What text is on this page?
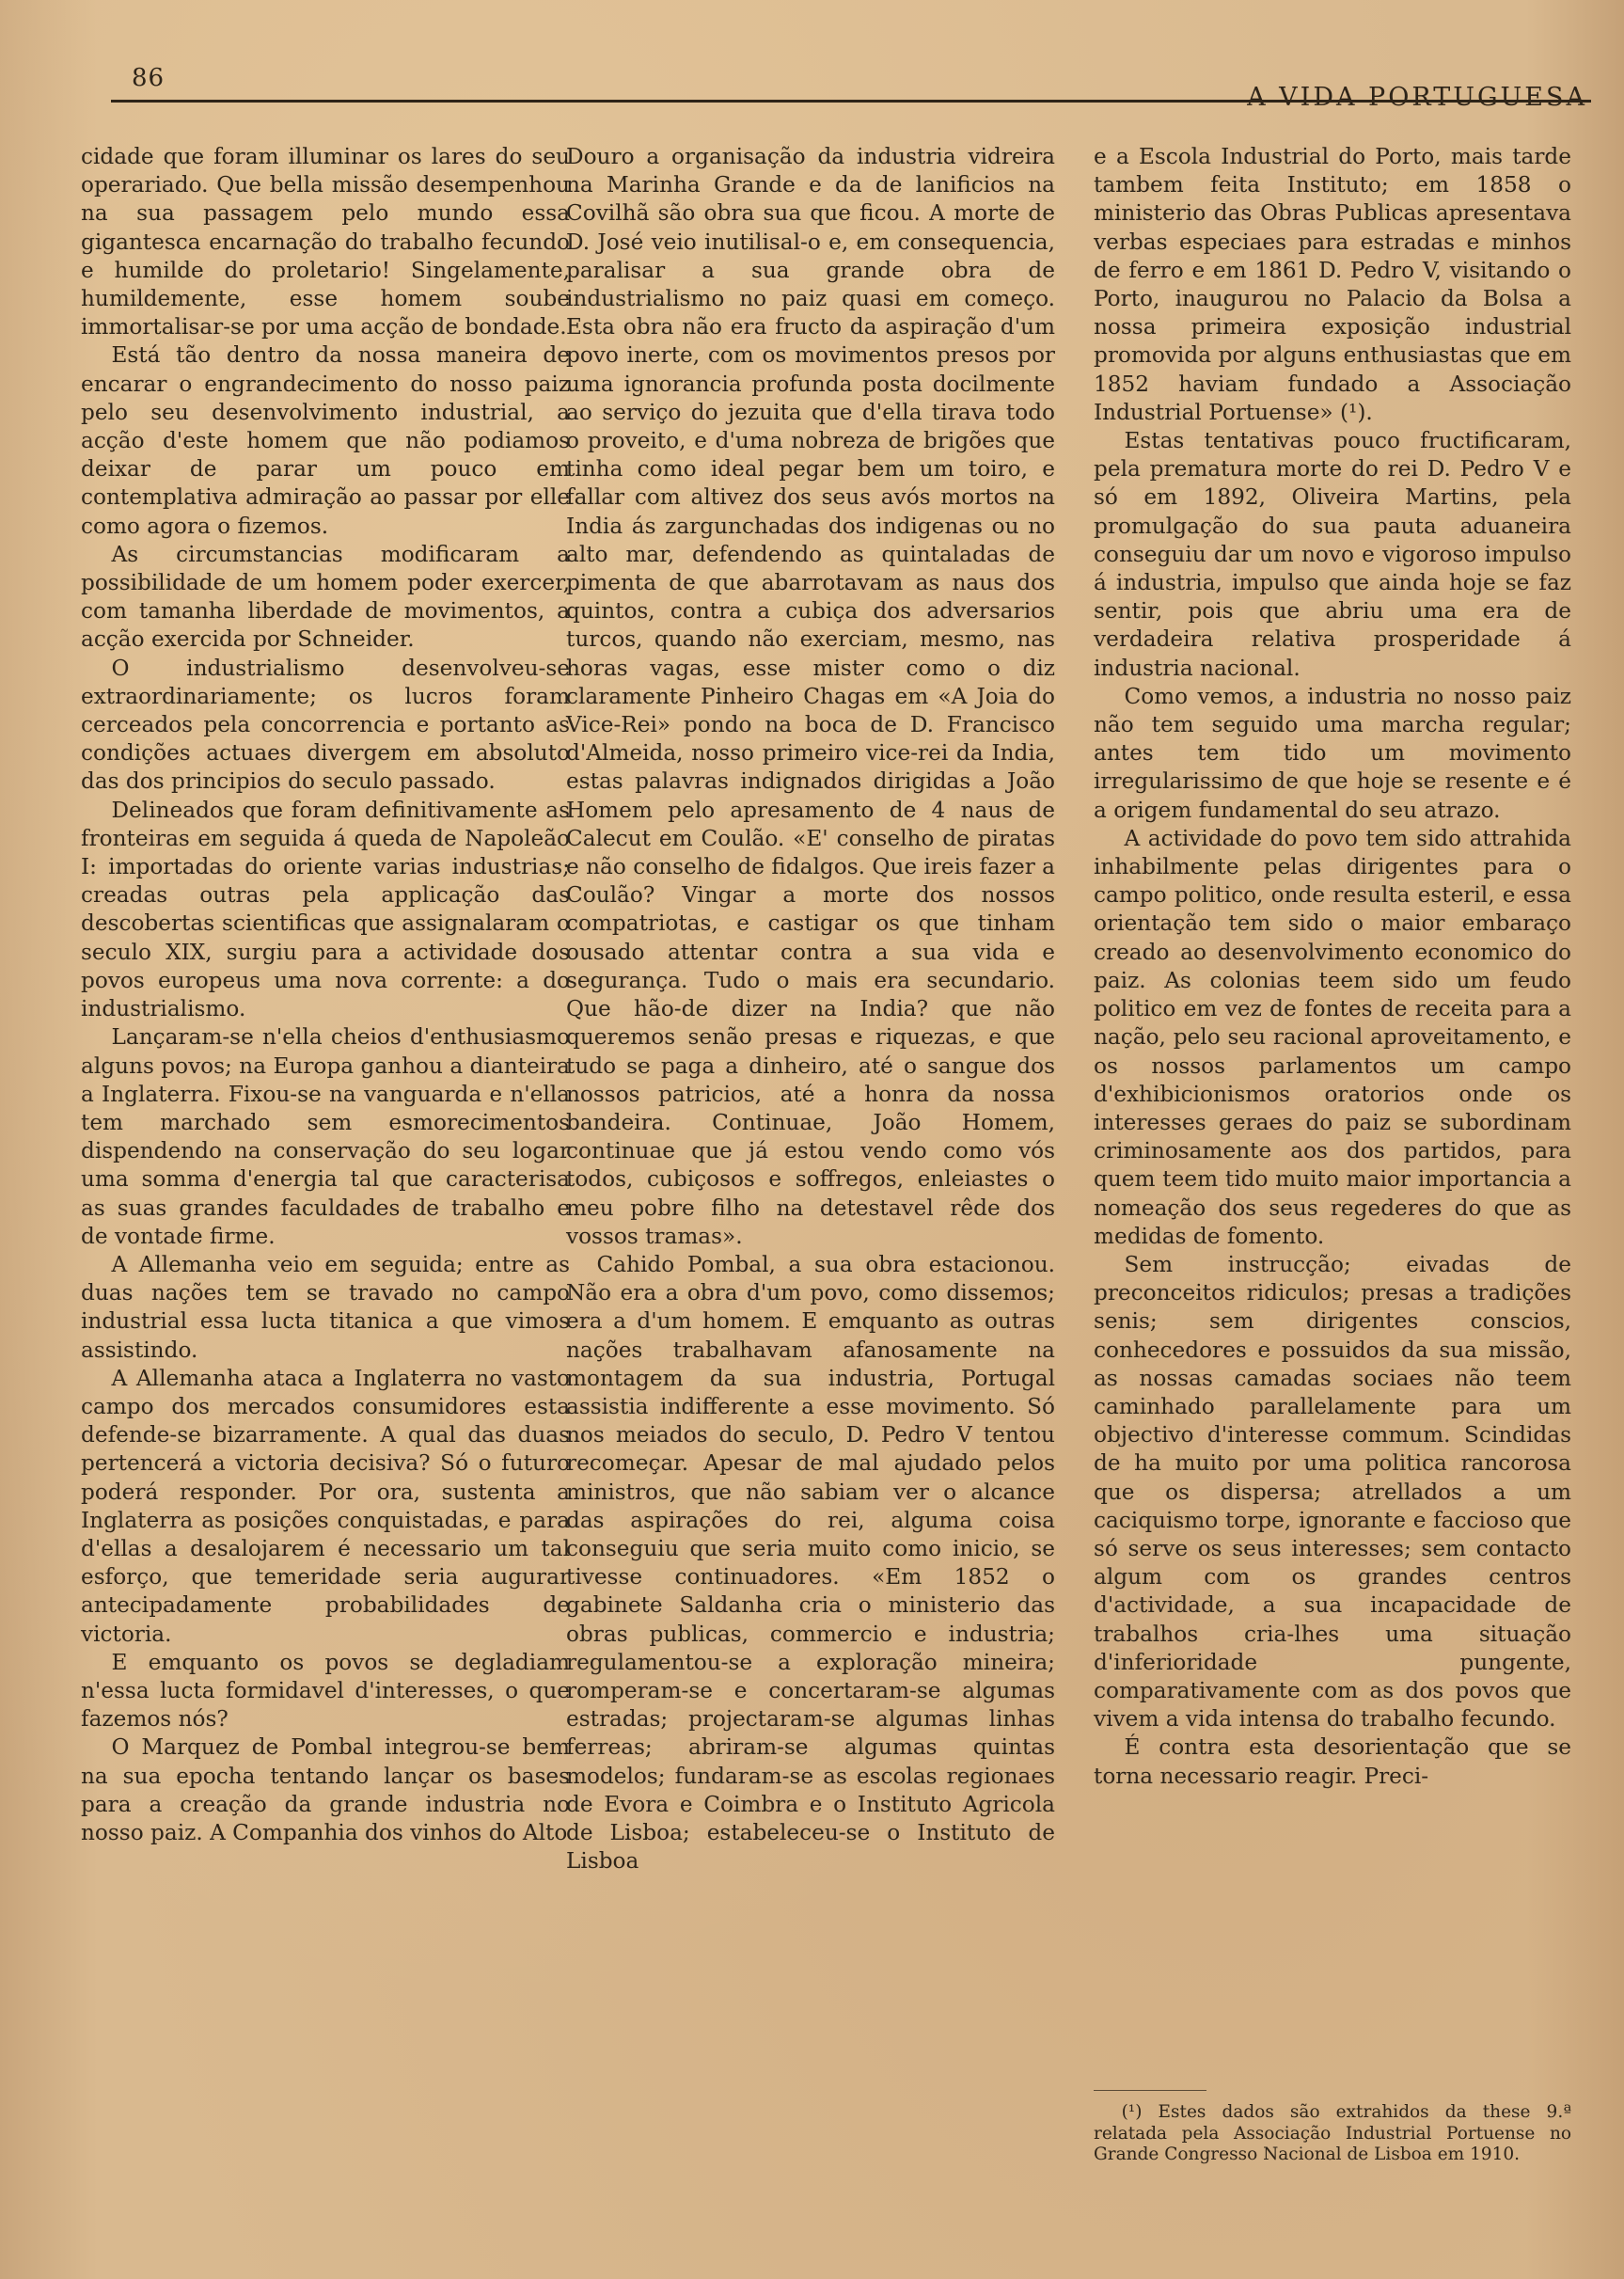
86
A VIDA PORTUGUESA

cidade que foram illuminar os lares do seu operariado. Que bella missão desempenhou na sua passagem pelo mundo essa gigantesca encarnação do trabalho fecundo e humilde do proletario! Singelamente, humildemente, esse homem soube immortalisar-se por uma acção de bondade.

Está tão dentro da nossa maneira de encarar o engrandecimento do nosso paiz pelo seu desenvolvimento industrial, a acção d'este homem que não podiamos deixar de parar um pouco em contemplativa admiração ao passar por elle como agora o fizemos.

As circumstancias modificaram a possibilidade de um homem poder exercer, com tamanha liberdade de movimentos, a acção exercida por Schneider.

O industrialismo desenvolveu-se extraordinariamente; os lucros foram cerceados pela concorrencia e portanto as condições actuaes divergem em absoluto das dos principios do seculo passado.

Delineados que foram definitivamente as fronteiras em seguida á queda de Napoleão I: importadas do oriente varias industrias; creadas outras pela applicação das descobertas scientificas que assignalaram o seculo XIX, surgiu para a actividade dos povos europeus uma nova corrente: a do industrialismo.

Lançaram-se n'ella cheios d'enthusiasmo alguns povos; na Europa ganhou a dianteira a Inglaterra. Fixou-se na vanguarda e n'ella tem marchado sem esmorecimentos dispendendo na conservação do seu logar uma somma d'energia tal que caracterisa as suas grandes faculdades de trabalho e de vontade firme.

A Allemanha veio em seguida; entre as duas nações tem se travado no campo industrial essa lucta titanica a que vimos assistindo.

A Allemanha ataca a Inglaterra no vasto campo dos mercados consumidores esta defende-se bizarramente. A qual das duas pertencerá a victoria decisiva? Só o futuro poderá responder. Por ora, sustenta a Inglaterra as posições conquistadas, e para d'ellas a desalojarem é necessario um tal esforço, que temeridade seria augurar antecipadamente probabilidades de victoria.

E emquanto os povos se degladiam n'essa lucta formidavel d'interesses, o que fazemos nós?

O Marquez de Pombal integrou-se bem na sua epocha tentando lançar os bases para a creação da grande industria no nosso paiz. A Companhia dos vinhos do Alto

Douro a organisação da industria vidreira na Marinha Grande e da de lanificios na Covilhã são obra sua que ficou. A morte de D. José veio inutilisal-o e, em consequencia, paralisar a sua grande obra de industrialismo no paiz quasi em começo. Esta obra não era fructo da aspiração d'um povo inerte, com os movimentos presos por uma ignorancia profunda posta docilmente ao serviço do jezuita que d'ella tirava todo o proveito, e d'uma nobreza de brigões que tinha como ideal pegar bem um toiro, e fallar com altivez dos seus avós mortos na India ás zargunchadas dos indigenas ou no alto mar, defendendo as quintaladas de pimenta de que abarrotavam as naus dos quintos, contra a cubiça dos adversarios turcos, quando não exerciam, mesmo, nas horas vagas, esse mister como o diz claramente Pinheiro Chagas em «A Joia do Vice-Rei» pondo na boca de D. Francisco d'Almeida, nosso primeiro vice-rei da India, estas palavras indignados dirigidas a João Homem pelo apresamento de 4 naus de Calecut em Coulão. «E' conselho de piratas e não conselho de fidalgos. Que ireis fazer a Coulão? Vingar a morte dos nossos compatriotas, e castigar os que tinham ousado attentar contra a sua vida e segurança. Tudo o mais era secundario. Que hão-de dizer na India? que não queremos senão presas e riquezas, e que tudo se paga a dinheiro, até o sangue dos nossos patricios, até a honra da nossa bandeira. Continuae, João Homem, continuae que já estou vendo como vós todos, cubiçosos e soffregos, enleiastes o meu pobre filho na detestavel rêde dos vossos tramas».

Cahido Pombal, a sua obra estacionou. Não era a obra d'um povo, como dissemos; era a d'um homem. E emquanto as outras nações trabalhavam afanosamente na montagem da sua industria, Portugal assistia indifferente a esse movimento. Só nos meiados do seculo, D. Pedro V tentou recomeçar. Apesar de mal ajudado pelos ministros, que não sabiam ver o alcance das aspirações do rei, alguma coisa conseguiu que seria muito como inicio, se tivesse continuadores. «Em 1852 o gabinete Saldanha cria o ministerio das obras publicas, commercio e industria; regulamentou-se a exploração mineira; romperam-se e concertaram-se algumas estradas; projectaram-se algumas linhas ferreas; abriram-se algumas quintas modelos; fundaram-se as escolas regionaes de Evora e Coimbra e o Instituto Agricola de Lisboa; estabeleceu-se o Instituto de Lisboa

e a Escola Industrial do Porto, mais tarde tambem feita Instituto; em 1858 o ministerio das Obras Publicas apresentava verbas especiaes para estradas e minhos de ferro e em 1861 D. Pedro V, visitando o Porto, inaugurou no Palacio da Bolsa a nossa primeira exposição industrial promovida por alguns enthusiastas que em 1852 haviam fundado a Associação Industrial Portuense» (¹).

Estas tentativas pouco fructificaram, pela prematura morte do rei D. Pedro V e só em 1892, Oliveira Martins, pela promulgação do sua pauta aduaneira conseguiu dar um novo e vigoroso impulso á industria, impulso que ainda hoje se faz sentir, pois que abriu uma era de verdadeira relativa prosperidade á industria nacional.

Como vemos, a industria no nosso paiz não tem seguido uma marcha regular; antes tem tido um movimento irregularissimo de que hoje se resente e é a origem fundamental do seu atrazo.

A actividade do povo tem sido attrahida inhabilmente pelas dirigentes para o campo politico, onde resulta esteril, e essa orientação tem sido o maior embaraço creado ao desenvolvimento economico do paiz. As colonias teem sido um feudo politico em vez de fontes de receita para a nação, pelo seu racional aproveitamento, e os nossos parlamentos um campo d'exhibicionismos oratorios onde os interesses geraes do paiz se subordinam criminosamente aos dos partidos, para quem teem tido muito maior importancia a nomeação dos seus regederes do que as medidas de fomento.

Sem instrucção; eivadas de preconceitos ridiculos; presas a tradições senis; sem dirigentes conscios, conhecedores e possuidos da sua missão, as nossas camadas sociaes não teem caminhado parallelamente para um objectivo d'interesse commum. Scindidas de ha muito por uma politica rancorosa que os dispersa; atrellados a um caciquismo torpe, ignorante e faccioso que só serve os seus interesses; sem contacto algum com os grandes centros d'actividade, a sua incapacidade de trabalhos cria-lhes uma situação d'inferioridade pungente, comparativamente com as dos povos que vivem a vida intensa do trabalho fecundo.

É contra esta desorientação que se torna necessario reagir. Preci-

(¹) Estes dados são extrahidos da these 9.ª relatada pela Associação Industrial Portuense no Grande Congresso Nacional de Lisboa em 1910.
